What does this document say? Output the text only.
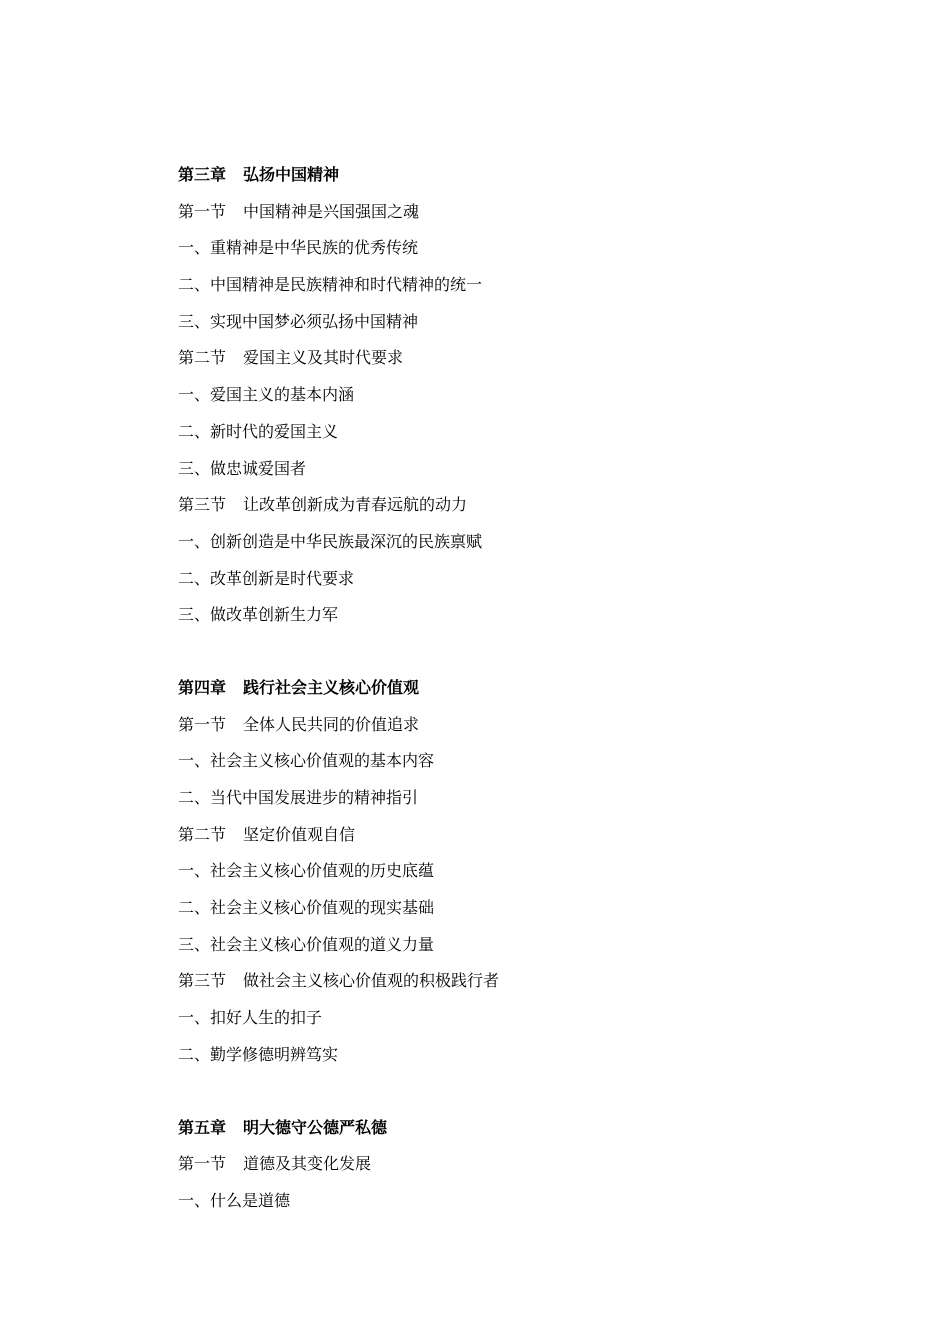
第三章 弘扬中国精神
第一节 中国精神是兴国强国之魂
一、重精神是中华民族的优秀传统
二、中国精神是民族精神和时代精神的统一
三、实现中国梦必须弘扬中国精神
第二节 爱国主义及其时代要求
一、爱国主义的基本内涵
二、新时代的爱国主义
三、做忠诚爱国者
第三节 让改革创新成为青春远航的动力
一、创新创造是中华民族最深沉的民族禀赋
二、改革创新是时代要求
三、做改革创新生力军
第四章 践行社会主义核心价值观
第一节 全体人民共同的价值追求
一、社会主义核心价值观的基本内容
二、当代中国发展进步的精神指引
第二节 坚定价值观自信
一、社会主义核心价值观的历史底蕴
二、社会主义核心价值观的现实基础
三、社会主义核心价值观的道义力量
第三节 做社会主义核心价值观的积极践行者
一、扣好人生的扣子
二、勤学修德明辨笃实
第五章 明大德守公德严私德
第一节 道德及其变化发展
一、什么是道德
